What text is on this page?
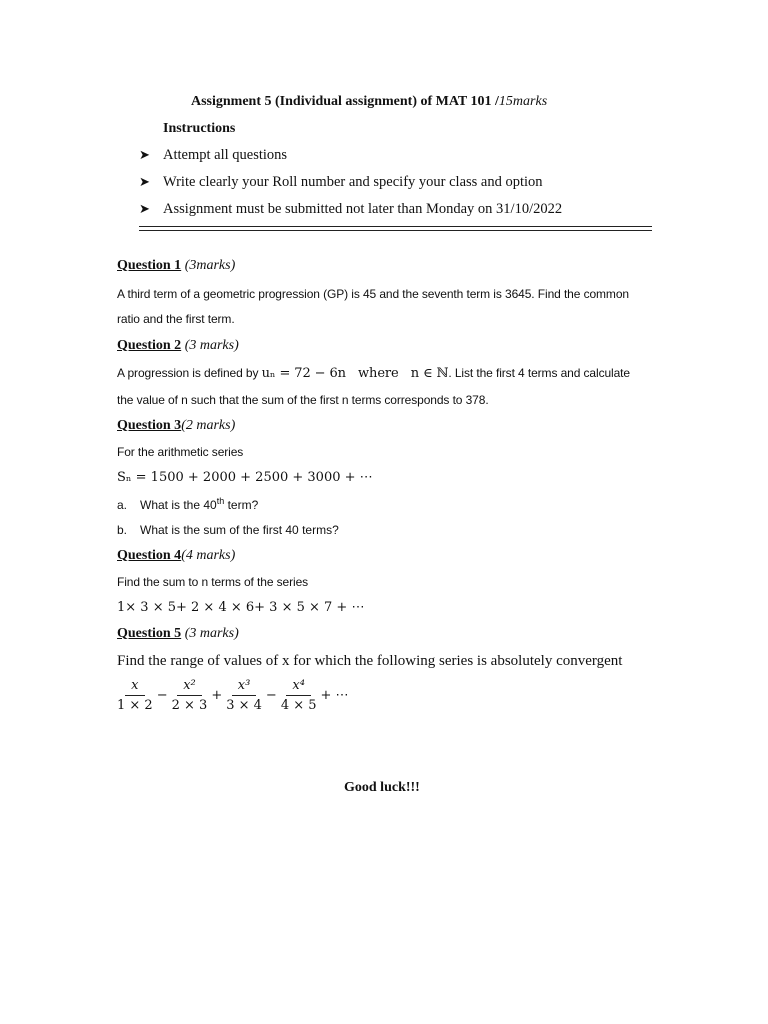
Assignment 5 (Individual assignment) of MAT 101 /15marks
Instructions
➤ Attempt all questions
➤ Write clearly your Roll number and specify your class and option
➤ Assignment must be submitted not later than Monday on 31/10/2022
Question 1 (3marks)
A third term of a geometric progression (GP) is 45 and the seventh term is 3645. Find the common
ratio and the first term.
Question 2 (3 marks)
A progression is defined by uₙ = 72 − 6n   where   n ∈ ℕ. List the first 4 terms and calculate
the value of n such that the sum of the first n terms corresponds to 378.
Question 3(2 marks)
For the arithmetic series
Sₙ = 1500 + 2000 + 2500 + 3000 + ⋯
a. What is the 40th term?
b. What is the sum of the first 40 terms?
Question 4(4 marks)
Find the sum to n terms of the series
1× 3 × 5+ 2 × 4 × 6+ 3 × 5 × 7 + ⋯
Question 5 (3 marks)
Find the range of values of x for which the following series is absolutely convergent
$\frac{x}{1 \times 2} - \frac{\text{x²}}{2 \times 3} + \frac{\text{x³}}{3 \times 4} - \frac{\text{x⁴}}{4 \times 5}$ + ⋯
Good luck!!!
